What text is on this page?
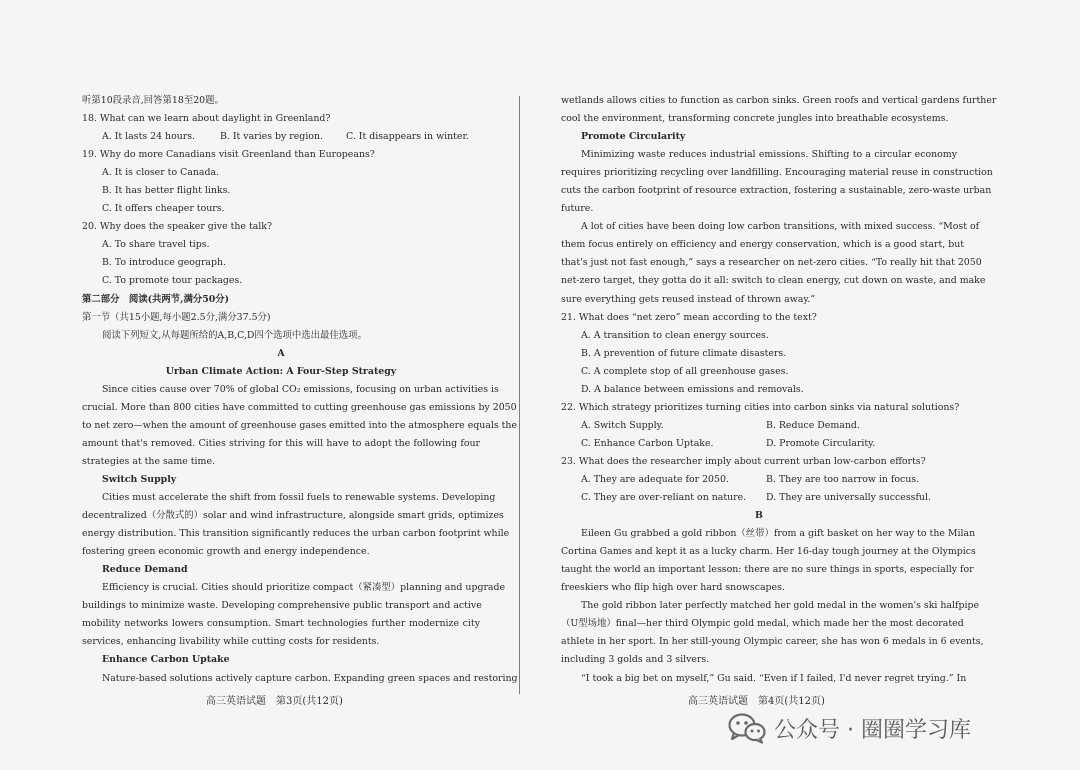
听第10段录音,回答第18至20题。

18. What can we learn about daylight in Greenland?

A. It lasts 24 hours.	B. It varies by region.	C. It disappears in winter.

19. Why do more Canadians visit Greenland than Europeans?

A. It is closer to Canada.

B. It has better flight links.

C. It offers cheaper tours.

20. Why does the speaker give the talk?

A. To share travel tips.

B. To introduce geograph.

C. To promote tour packages.

第二部分　阅读(共两节,满分50分)

第一节（共15小题,每小题2.5分,满分37.5分)

阅读下列短文,从每题所给的A,B,C,D四个选项中选出最佳选项。

A

Urban Climate Action: A Four-Step Strategy

Since cities cause over 70% of global CO₂ emissions, focusing on urban activities is

crucial. More than 800 cities have committed to cutting greenhouse gas emissions by 2050

to net zero—when the amount of greenhouse gases emitted into the atmosphere equals the

amount that's removed. Cities striving for this will have to adopt the following four

strategies at the same time.

Switch Supply

Cities must accelerate the shift from fossil fuels to renewable systems. Developing

decentralized（分散式的）solar and wind infrastructure, alongside smart grids, optimizes

energy distribution. This transition significantly reduces the urban carbon footprint while

fostering green economic growth and energy independence.

Reduce Demand

Efficiency is crucial. Cities should prioritize compact（紧凑型）planning and upgrade

buildings to minimize waste. Developing comprehensive public transport and active

mobility networks lowers consumption. Smart technologies further modernize city

services, enhancing livability while cutting costs for residents.

Enhance Carbon Uptake

Nature-based solutions actively capture carbon. Expanding green spaces and restoring

wetlands allows cities to function as carbon sinks. Green roofs and vertical gardens further

cool the environment, transforming concrete jungles into breathable ecosystems.

Promote Circularity

Minimizing waste reduces industrial emissions. Shifting to a circular economy

requires prioritizing recycling over landfilling. Encouraging material reuse in construction

cuts the carbon footprint of resource extraction, fostering a sustainable, zero-waste urban

future.

A lot of cities have been doing low carbon transitions, with mixed success. “Most of

them focus entirely on efficiency and energy conservation, which is a good start, but

that's just not fast enough,” says a researcher on net-zero cities. “To really hit that 2050

net-zero target, they gotta do it all: switch to clean energy, cut down on waste, and make

sure everything gets reused instead of thrown away.”

21. What does “net zero” mean according to the text?

A. A transition to clean energy sources.

B. A prevention of future climate disasters.

C. A complete stop of all greenhouse gases.

D. A balance between emissions and removals.

22. Which strategy prioritizes turning cities into carbon sinks via natural solutions?

A. Switch Supply.	B. Reduce Demand.

C. Enhance Carbon Uptake.	D. Promote Circularity.

23. What does the researcher imply about current urban low-carbon efforts?

A. They are adequate for 2050.	B. They are too narrow in focus.

C. They are over-reliant on nature.	D. They are universally successful.

B

Eileen Gu grabbed a gold ribbon（丝带）from a gift basket on her way to the Milan

Cortina Games and kept it as a lucky charm. Her 16-day tough journey at the Olympics

taught the world an important lesson: there are no sure things in sports, especially for

freeskiers who flip high over hard snowscapes.

The gold ribbon later perfectly matched her gold medal in the women's ski halfpipe

（U型场地）final—her third Olympic gold medal, which made her the most decorated

athlete in her sport. In her still-young Olympic career, she has won 6 medals in 6 events,

including 3 golds and 3 silvers.

“I took a big bet on myself,” Gu said. “Even if I failed, I'd never regret trying.” In

高三英语试题　第3页(共12页)	高三英语试题　第4页(共12页)
公众号 · 圈圈学习库
